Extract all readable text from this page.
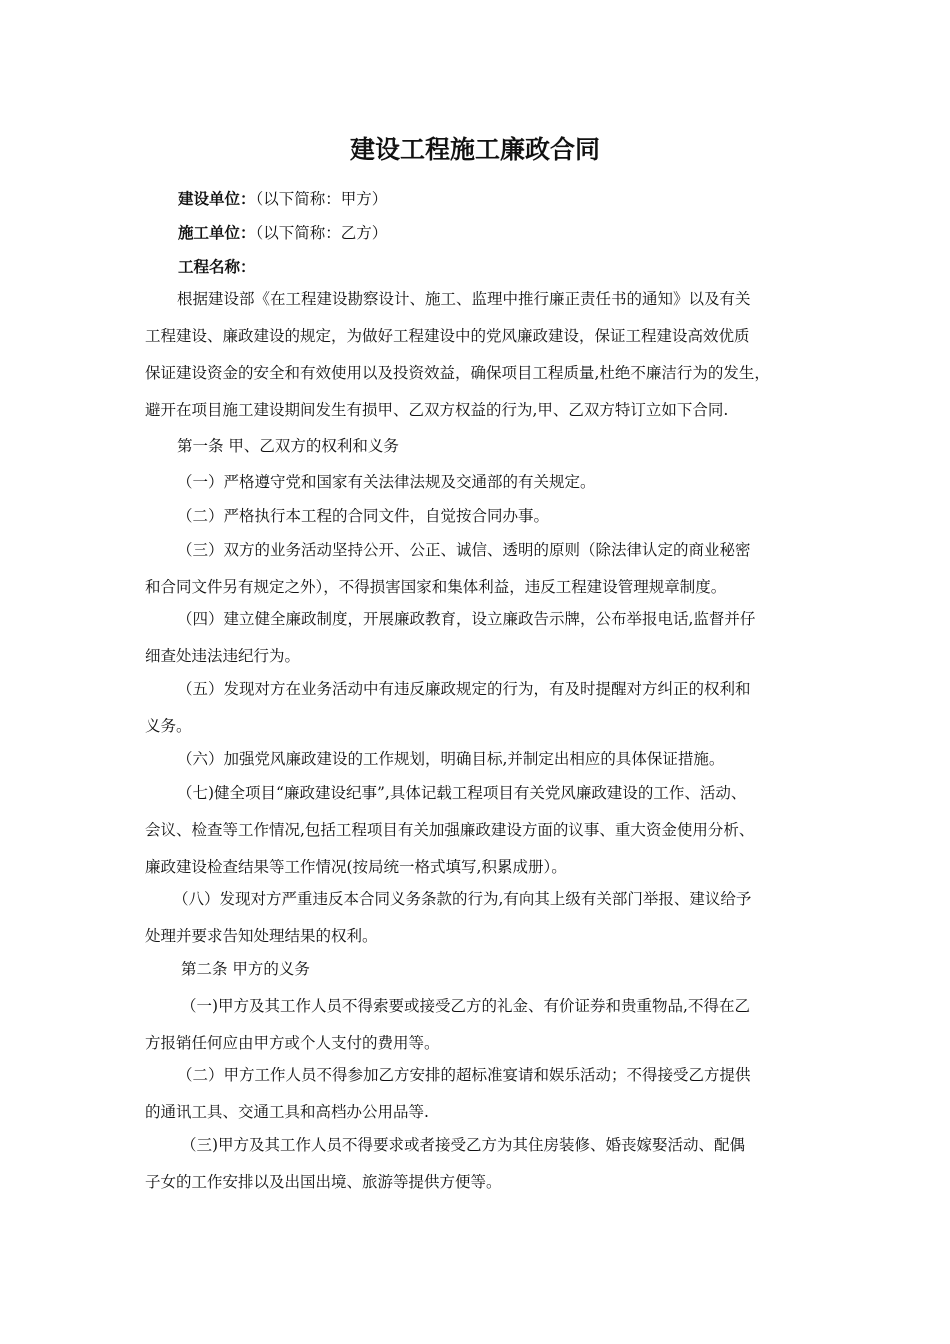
建设工程施工廉政合同
建设单位：（以下简称：甲方）
施工单位：（以下简称：乙方）
工程名称：
根据建设部《在工程建设勘察设计、施工、监理中推行廉正责任书的通知》以及有关
工程建设、廉政建设的规定，为做好工程建设中的党风廉政建设，保证工程建设高效优质
保证建设资金的安全和有效使用以及投资效益，确保项目工程质量,杜绝不廉洁行为的发生，
避开在项目施工建设期间发生有损甲、乙双方权益的行为,甲、乙双方特订立如下合同.
第一条 甲、乙双方的权利和义务
（一）严格遵守党和国家有关法律法规及交通部的有关规定。
（二）严格执行本工程的合同文件，自觉按合同办事。
（三）双方的业务活动坚持公开、公正、诚信、透明的原则（除法律认定的商业秘密
和合同文件另有规定之外），不得损害国家和集体利益，违反工程建设管理规章制度。
（四）建立健全廉政制度，开展廉政教育，设立廉政告示牌，公布举报电话,监督并仔
细查处违法违纪行为。
（五）发现对方在业务活动中有违反廉政规定的行为，有及时提醒对方纠正的权利和
义务。
（六）加强党风廉政建设的工作规划，明确目标,并制定出相应的具体保证措施。
（七)健全项目“廉政建设纪事”,具体记载工程项目有关党风廉政建设的工作、活动、
会议、检查等工作情况,包括工程项目有关加强廉政建设方面的议事、重大资金使用分析、
廉政建设检查结果等工作情况(按局统一格式填写,积累成册）。
（八）发现对方严重违反本合同义务条款的行为,有向其上级有关部门举报、建议给予
处理并要求告知处理结果的权利。
第二条 甲方的义务
（一)甲方及其工作人员不得索要或接受乙方的礼金、有价证券和贵重物品,不得在乙
方报销任何应由甲方或个人支付的费用等。
（二）甲方工作人员不得参加乙方安排的超标准宴请和娱乐活动；不得接受乙方提供
的通讯工具、交通工具和高档办公用品等.
（三)甲方及其工作人员不得要求或者接受乙方为其住房装修、婚丧嫁娶活动、配偶
子女的工作安排以及出国出境、旅游等提供方便等。
